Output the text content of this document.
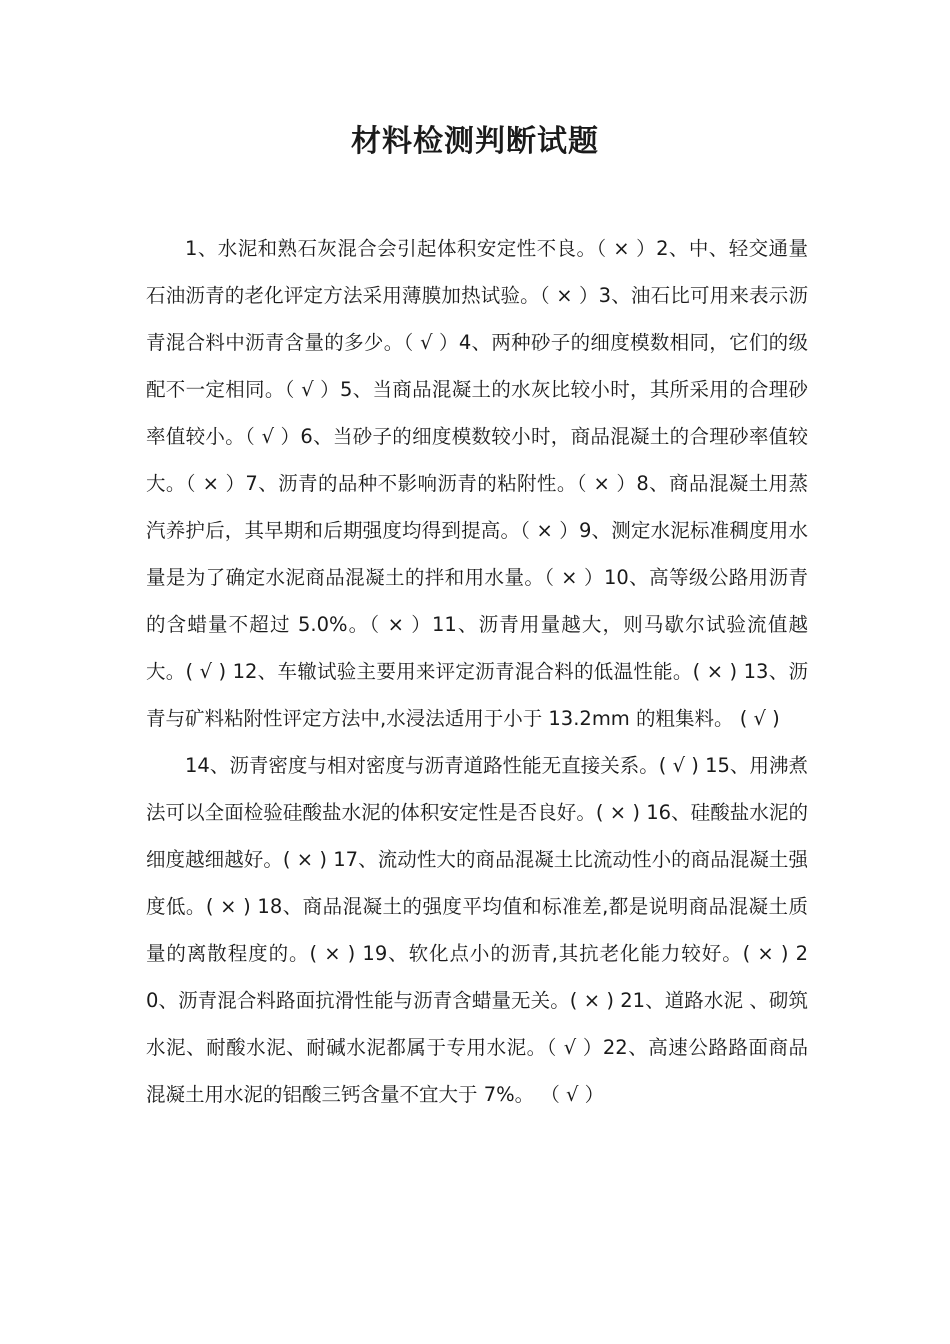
材料检测判断试题

1、水泥和熟石灰混合会引起体积安定性不良。（ × ）2、中、轻交通量石油沥青的老化评定方法采用薄膜加热试验。（ × ）3、油石比可用来表示沥青混合料中沥青含量的多少。（ √ ）4、两种砂子的细度模数相同，它们的级配不一定相同。（ √ ）5、当商品混凝土的水灰比较小时，其所采用的合理砂率值较小。（ √ ）6、当砂子的细度模数较小时，商品混凝土的合理砂率值较大。（ × ）7、沥青的品种不影响沥青的粘附性。（ × ）8、商品混凝土用蒸汽养护后，其早期和后期强度均得到提高。（ × ）9、测定水泥标准稠度用水量是为了确定水泥商品混凝土的拌和用水量。（ × ）10、高等级公路用沥青的含蜡量不超过 5.0%。（ × ）11、沥青用量越大，则马歇尔试验流值越大。( √ ) 12、车辙试验主要用来评定沥青混合料的低温性能。( × ) 13、沥青与矿料粘附性评定方法中,水浸法适用于小于 13.2mm 的粗集料。 ( √ )

14、沥青密度与相对密度与沥青道路性能无直接关系。( √ ) 15、用沸煮法可以全面检验硅酸盐水泥的体积安定性是否良好。( × ) 16、硅酸盐水泥的细度越细越好。( × ) 17、流动性大的商品混凝土比流动性小的商品混凝土强度低。( × ) 18、商品混凝土的强度平均值和标准差,都是说明商品混凝土质量的离散程度的。( × ) 19、软化点小的沥青,其抗老化能力较好。( × ) 20、沥青混合料路面抗滑性能与沥青含蜡量无关。( × ) 21、道路水泥 、砌筑水泥、耐酸水泥、耐碱水泥都属于专用水泥。（ √ ）22、高速公路路面商品混凝土用水泥的铝酸三钙含量不宜大于 7%。 （ √ ）
